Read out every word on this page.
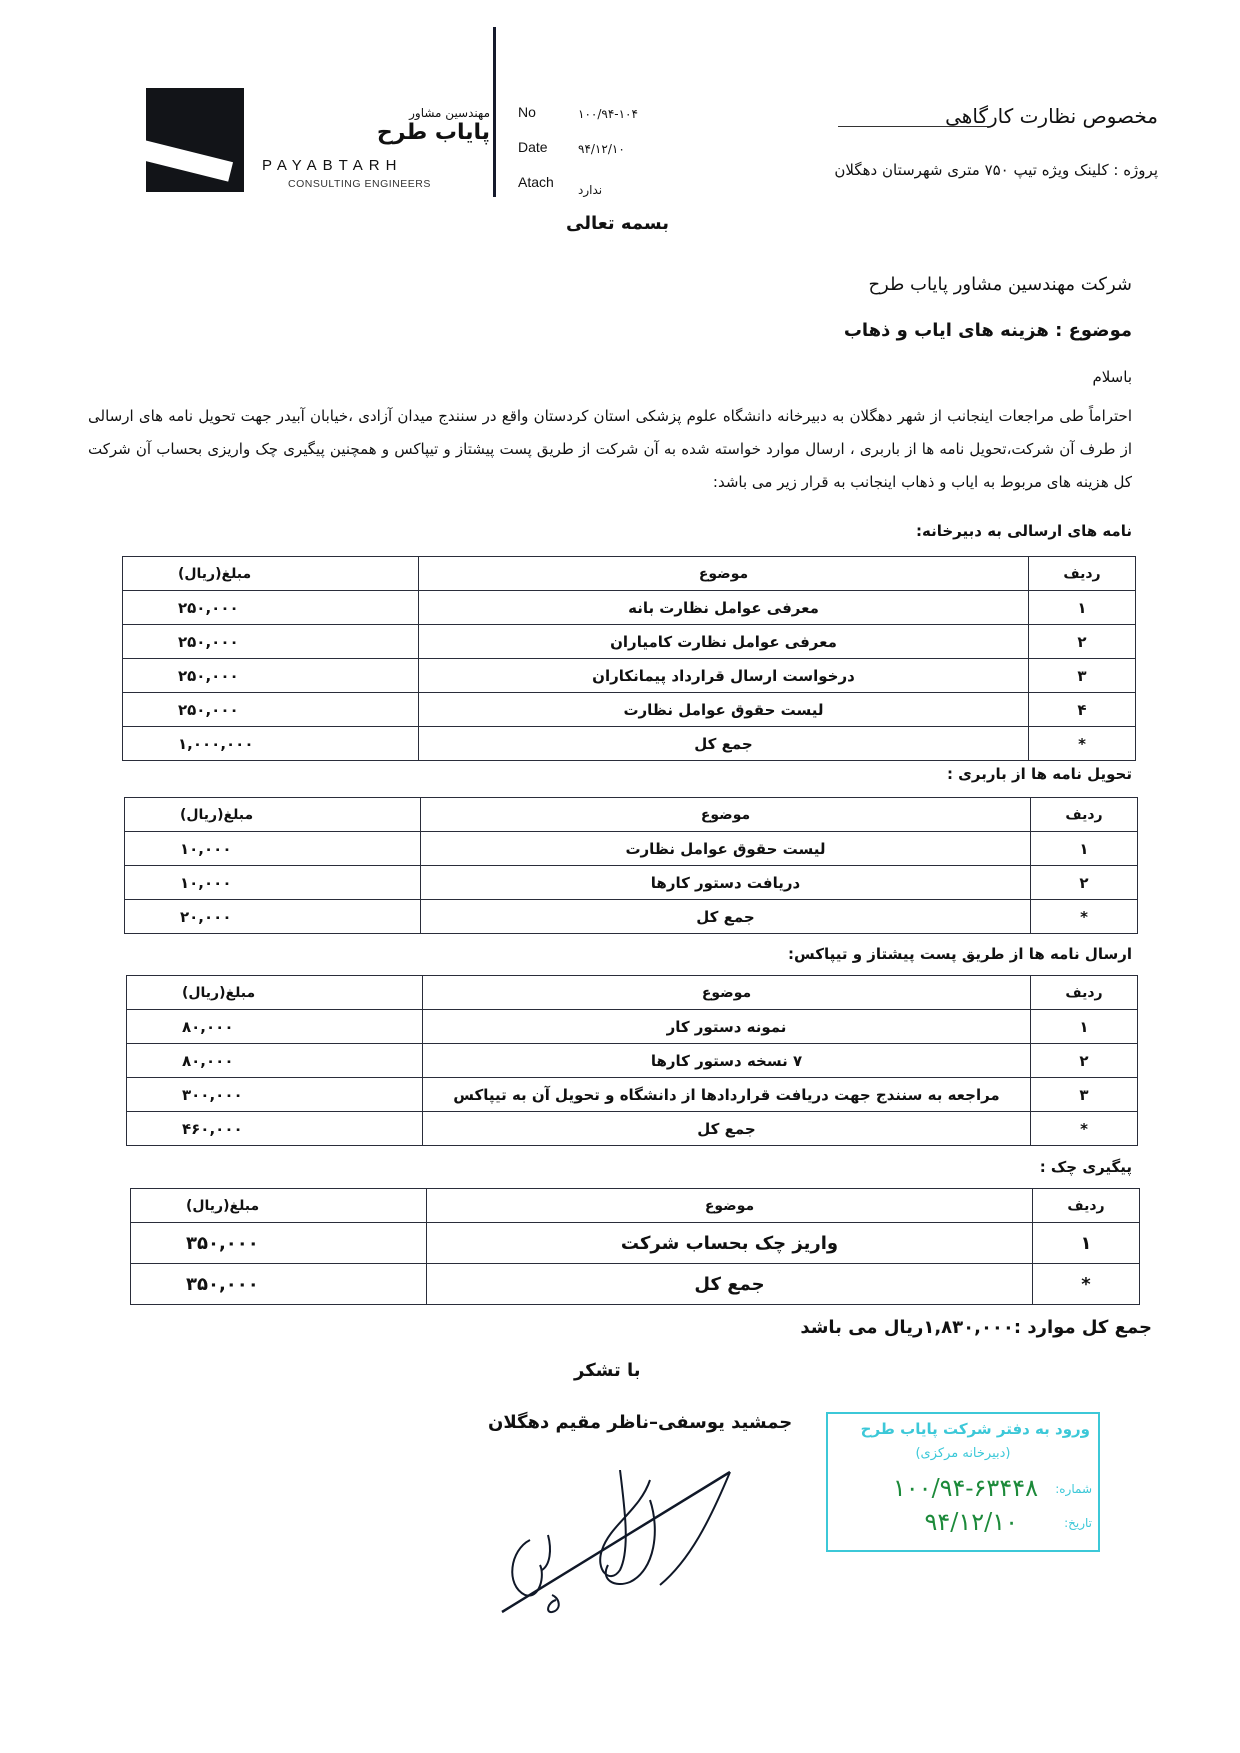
مهندسین مشاور
پایاب طرح
PAYABTARH
CONSULTING ENGINEERS
No	۱۰۰/۹۴-۱۰۴
Date	۹۴/۱۲/۱۰
Atach ندارد
مخصوص نظارت کارگاهی
پروژه : کلینک ویژه تیپ ۷۵۰ متری شهرستان دهگلان
بسمه تعالی
شرکت مهندسین مشاور پایاب طرح
موضوع : هزینه های ایاب و ذهاب
باسلام
احتراماً طی مراجعات اینجانب از شهر دهگلان به دبیرخانه دانشگاه علوم پزشکی استان کردستان واقع در سنندج میدان آزادی ،خیابان آبیدر جهت تحویل نامه های ارسالی از طرف آن شرکت،تحویل نامه ها از باربری ، ارسال موارد خواسته شده به آن شرکت از طریق پست پیشتاز و تیپاکس و همچنین پیگیری چک واریزی بحساب آن شرکت کل هزینه های مربوط به ایاب و ذهاب اینجانب به قرار زیر می باشد:
نامه های ارسالی به دبیرخانه:
ردیف	موضوع	مبلغ(ریال)
۱	معرفی عوامل نظارت بانه	۲۵۰,۰۰۰
۲	معرفی عوامل نظارت کامیاران	۲۵۰,۰۰۰
۳	درخواست ارسال قرارداد پیمانکاران	۲۵۰,۰۰۰
۴	لیست حقوق عوامل نظارت	۲۵۰,۰۰۰
*	جمع کل	۱,۰۰۰,۰۰۰
تحویل نامه ها از باربری :
ردیف	موضوع	مبلغ(ریال)
۱	لیست حقوق عوامل نظارت	۱۰,۰۰۰
۲	دریافت دستور کارها	۱۰,۰۰۰
*	جمع کل	۲۰,۰۰۰
ارسال نامه ها از طریق پست پیشتاز و تیپاکس:
ردیف	موضوع	مبلغ(ریال)
۱	نمونه دستور کار	۸۰,۰۰۰
۲	۷ نسخه دستور کارها	۸۰,۰۰۰
۳	مراجعه به سنندج جهت دریافت قراردادها از دانشگاه و تحویل آن به تیپاکس	۳۰۰,۰۰۰
*	جمع کل	۴۶۰,۰۰۰
پیگیری چک :
ردیف	موضوع	مبلغ(ریال)
۱	واریز چک بحساب شرکت	۳۵۰,۰۰۰
*	جمع کل	۳۵۰,۰۰۰
جمع کل موارد :۱,۸۳۰,۰۰۰ریال می باشد
با تشکر
جمشید یوسفی–ناظر مقیم دهگلان	ورود به دفتر شرکت پایاب طرح
(دبیرخانه مرکزی)
شماره:
۱۰۰/۹۴-۶۳۴۴۸
تاریخ:
۹۴/۱۲/۱۰
